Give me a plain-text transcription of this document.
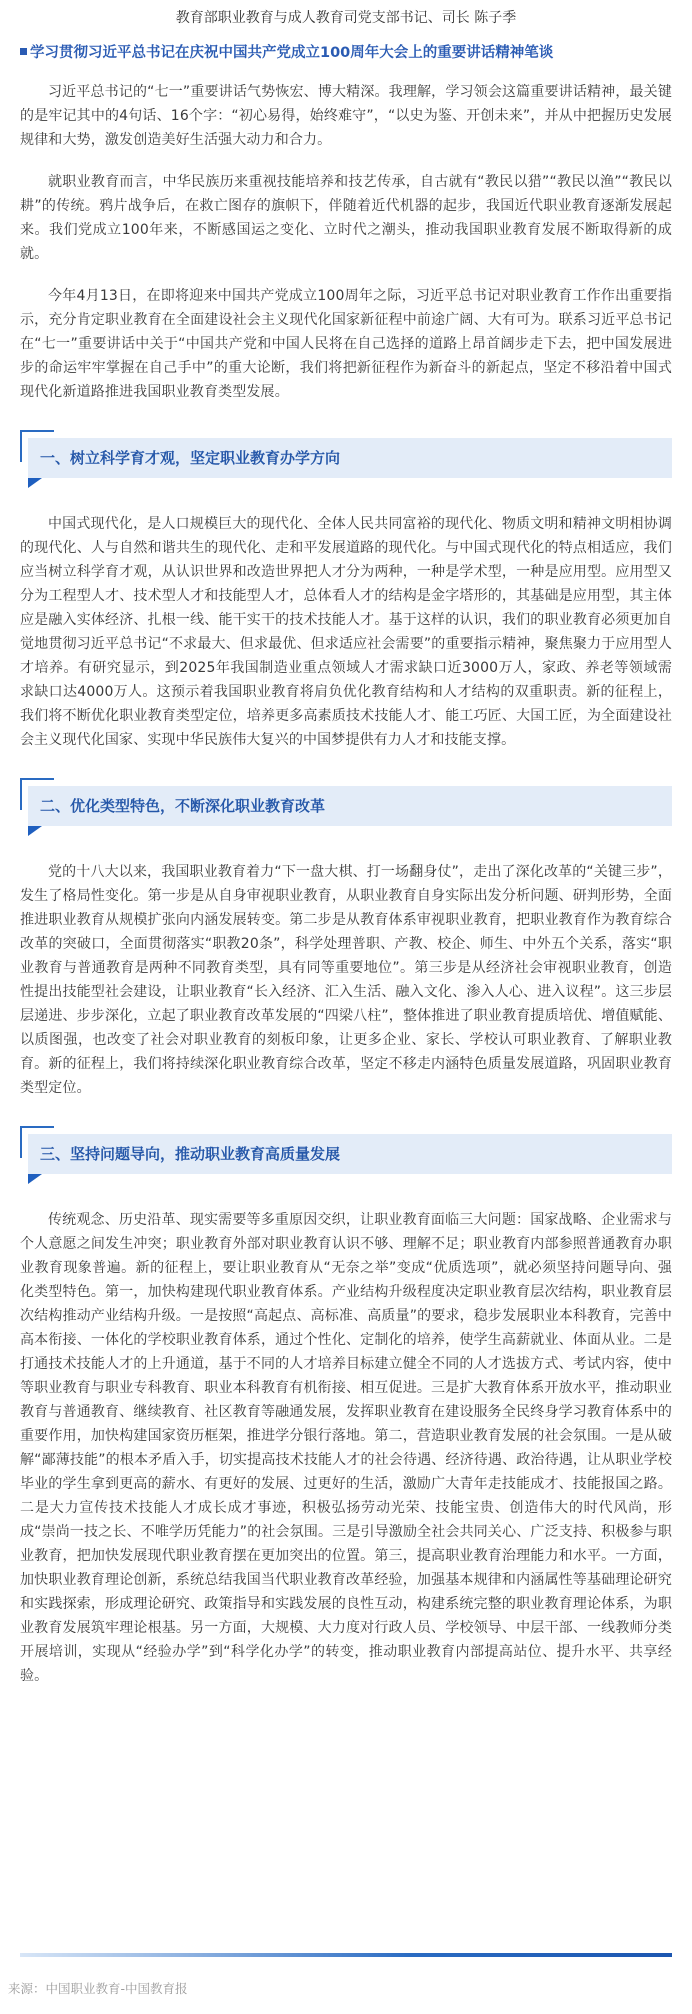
教育部职业教育与成人教育司党支部书记、司长 陈子季
学习贯彻习近平总书记在庆祝中国共产党成立100周年大会上的重要讲话精神笔谈

习近平总书记的“七一”重要讲话气势恢宏、博大精深。我理解，学习领会这篇重要讲话精神，最关键的是牢记其中的4句话、16个字：“初心易得，始终难守”，“以史为鉴、开创未来”，并从中把握历史发展规律和大势，激发创造美好生活强大动力和合力。

就职业教育而言，中华民族历来重视技能培养和技艺传承，自古就有“教民以猎”“教民以渔”“教民以耕”的传统。鸦片战争后，在救亡图存的旗帜下，伴随着近代机器的起步，我国近代职业教育逐渐发展起来。我们党成立100年来，不断感国运之变化、立时代之潮头，推动我国职业教育发展不断取得新的成就。

今年4月13日，在即将迎来中国共产党成立100周年之际，习近平总书记对职业教育工作作出重要指示，充分肯定职业教育在全面建设社会主义现代化国家新征程中前途广阔、大有可为。联系习近平总书记在“七一”重要讲话中关于“中国共产党和中国人民将在自己选择的道路上昂首阔步走下去，把中国发展进步的命运牢牢掌握在自己手中”的重大论断，我们将把新征程作为新奋斗的新起点，坚定不移沿着中国式现代化新道路推进我国职业教育类型发展。

一、树立科学育才观，坚定职业教育办学方向

中国式现代化，是人口规模巨大的现代化、全体人民共同富裕的现代化、物质文明和精神文明相协调的现代化、人与自然和谐共生的现代化、走和平发展道路的现代化。与中国式现代化的特点相适应，我们应当树立科学育才观，从认识世界和改造世界把人才分为两种，一种是学术型，一种是应用型。应用型又分为工程型人才、技术型人才和技能型人才，总体看人才的结构是金字塔形的，其基础是应用型，其主体应是融入实体经济、扎根一线、能干实干的技术技能人才。基于这样的认识，我们的职业教育必须更加自觉地贯彻习近平总书记“不求最大、但求最优、但求适应社会需要”的重要指示精神，聚焦聚力于应用型人才培养。有研究显示，到2025年我国制造业重点领域人才需求缺口近3000万人，家政、养老等领域需求缺口达4000万人。这预示着我国职业教育将肩负优化教育结构和人才结构的双重职责。新的征程上，我们将不断优化职业教育类型定位，培养更多高素质技术技能人才、能工巧匠、大国工匠，为全面建设社会主义现代化国家、实现中华民族伟大复兴的中国梦提供有力人才和技能支撑。

二、优化类型特色，不断深化职业教育改革

党的十八大以来，我国职业教育着力“下一盘大棋、打一场翻身仗”，走出了深化改革的“关键三步”，发生了格局性变化。第一步是从自身审视职业教育，从职业教育自身实际出发分析问题、研判形势，全面推进职业教育从规模扩张向内涵发展转变。第二步是从教育体系审视职业教育，把职业教育作为教育综合改革的突破口，全面贯彻落实“职教20条”，科学处理普职、产教、校企、师生、中外五个关系，落实“职业教育与普通教育是两种不同教育类型，具有同等重要地位”。第三步是从经济社会审视职业教育，创造性提出技能型社会建设，让职业教育“长入经济、汇入生活、融入文化、渗入人心、进入议程”。这三步层层递进、步步深化，立起了职业教育改革发展的“四梁八柱”，整体推进了职业教育提质培优、增值赋能、以质图强，也改变了社会对职业教育的刻板印象，让更多企业、家长、学校认可职业教育、了解职业教育。新的征程上，我们将持续深化职业教育综合改革，坚定不移走内涵特色质量发展道路，巩固职业教育类型定位。

三、坚持问题导向，推动职业教育高质量发展

传统观念、历史沿革、现实需要等多重原因交织，让职业教育面临三大问题：国家战略、企业需求与个人意愿之间发生冲突；职业教育外部对职业教育认识不够、理解不足；职业教育内部参照普通教育办职业教育现象普遍。新的征程上，要让职业教育从“无奈之举”变成“优质选项”，就必须坚持问题导向、强化类型特色。第一，加快构建现代职业教育体系。产业结构升级程度决定职业教育层次结构，职业教育层次结构推动产业结构升级。一是按照“高起点、高标准、高质量”的要求，稳步发展职业本科教育，完善中高本衔接、一体化的学校职业教育体系，通过个性化、定制化的培养，使学生高薪就业、体面从业。二是打通技术技能人才的上升通道，基于不同的人才培养目标建立健全不同的人才选拔方式、考试内容，使中等职业教育与职业专科教育、职业本科教育有机衔接、相互促进。三是扩大教育体系开放水平，推动职业教育与普通教育、继续教育、社区教育等融通发展，发挥职业教育在建设服务全民终身学习教育体系中的重要作用，加快构建国家资历框架，推进学分银行落地。第二，营造职业教育发展的社会氛围。一是从破解“鄙薄技能”的根本矛盾入手，切实提高技术技能人才的社会待遇、经济待遇、政治待遇，让从职业学校毕业的学生拿到更高的薪水、有更好的发展、过更好的生活，激励广大青年走技能成才、技能报国之路。二是大力宣传技术技能人才成长成才事迹，积极弘扬劳动光荣、技能宝贵、创造伟大的时代风尚，形成“崇尚一技之长、不唯学历凭能力”的社会氛围。三是引导激励全社会共同关心、广泛支持、积极参与职业教育，把加快发展现代职业教育摆在更加突出的位置。第三，提高职业教育治理能力和水平。一方面，加快职业教育理论创新，系统总结我国当代职业教育改革经验，加强基本规律和内涵属性等基础理论研究和实践探索，形成理论研究、政策指导和实践发展的良性互动，构建系统完整的职业教育理论体系，为职业教育发展筑牢理论根基。另一方面，大规模、大力度对行政人员、学校领导、中层干部、一线教师分类开展培训，实现从“经验办学”到“科学化办学”的转变，推动职业教育内部提高站位、提升水平、共享经验。

来源：中国职业教育-中国教育报
